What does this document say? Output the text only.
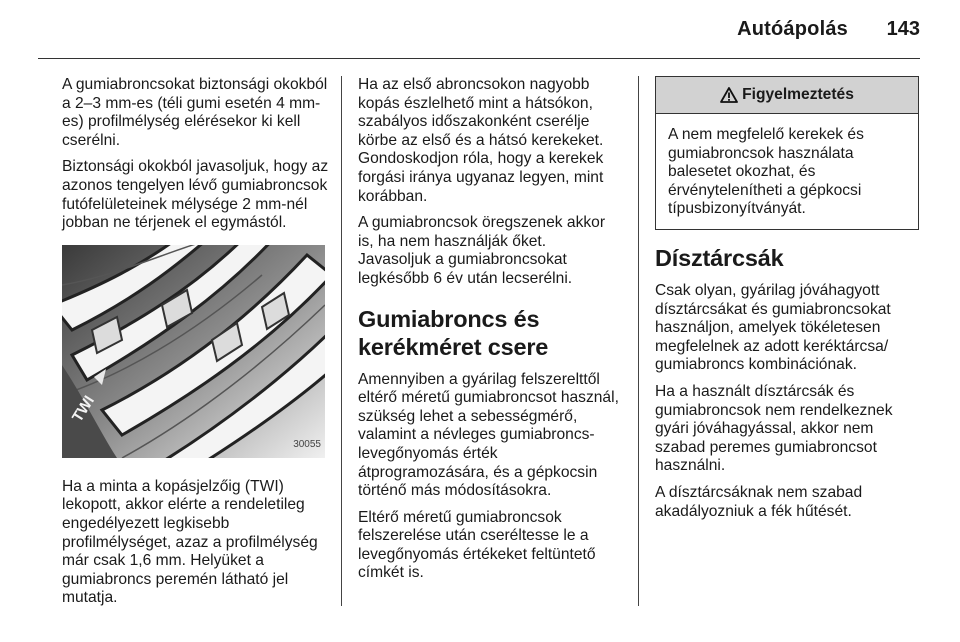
Autóápolás 143

A gumiabroncsokat biztonsági okokból a 2–3 mm-es (téli gumi esetén 4 mm-es) profilmélység elérésekor ki kell cserélni.

Biztonsági okokból javasoljuk, hogy az azonos tengelyen lévő gumiabroncsok futófelületeinek mélysége 2 mm-nél jobban ne térjenek el egymástól.

TWI
30055

Ha a minta a kopásjelzőig (TWI) lekopott, akkor elérte a rendeletileg engedélyezett legkisebb profilmélységet, azaz a profilmélység már csak 1,6 mm. Helyüket a gumiabroncs peremén látható jel mutatja.

Ha az első abroncsokon nagyobb kopás észlelhető mint a hátsókon, szabályos időszakonként cserélje körbe az első és a hátsó kerekeket. Gondoskodjon róla, hogy a kerekek forgási iránya ugyanaz legyen, mint korábban.

A gumiabroncsok öregszenek akkor is, ha nem használják őket. Javasoljuk a gumiabroncsokat legkésőbb 6 év után lecserélni.

Gumiabroncs és kerékméret csere

Amennyiben a gyárilag felszerelttől eltérő méretű gumiabroncsot használ, szükség lehet a sebességmérő, valamint a névleges gumiabroncs-levegőnyomás érték átprogramozására, és a gépkocsin történő más módosításokra.

Eltérő méretű gumiabroncsok felszerelése után cseréltesse le a levegőnyomás értékeket feltüntető címkét is.

Figyelmeztetés
A nem megfelelő kerekek és gumiabroncsok használata balesetet okozhat, és érvénytelenítheti a gépkocsi típusbizonyítványát.
Dísztárcsák

Csak olyan, gyárilag jóváhagyott dísztárcsákat és gumiabroncsokat használjon, amelyek tökéletesen megfelelnek az adott keréktárcsa/ gumiabroncs kombinációnak.

Ha a használt dísztárcsák és gumiabroncsok nem rendelkeznek gyári jóváhagyással, akkor nem szabad peremes gumiabroncsot használni.

A dísztárcsáknak nem szabad akadályozniuk a fék hűtését.
